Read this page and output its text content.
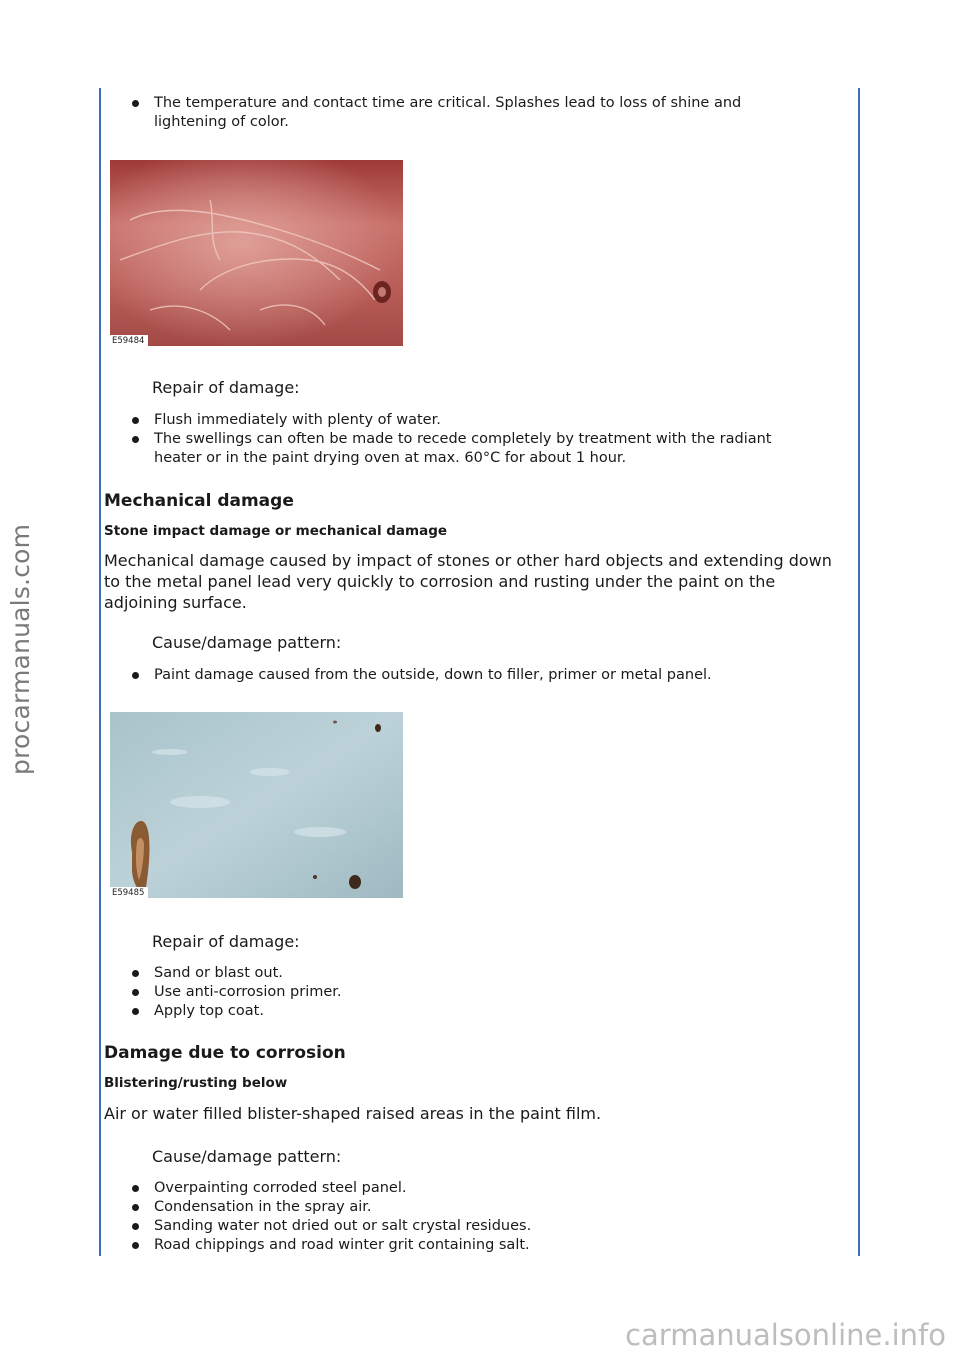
procarmanuals.com
carmanualsonline.info
The temperature and contact time are critical. Splashes lead to loss of shine and lightening of color.
E59484
Repair of damage:
Flush immediately with plenty of water.
The swellings can often be made to recede completely by treatment with the radiant heater or in the paint drying oven at max. 60°C for about 1 hour.
Mechanical damage
Stone impact damage or mechanical damage
Mechanical damage caused by impact of stones or other hard objects and extending down to the metal panel lead very quickly to corrosion and rusting under the paint on the adjoining surface.
Cause/damage pattern:
Paint damage caused from the outside, down to filler, primer or metal panel.
E59485
Repair of damage:
Sand or blast out.
Use anti-corrosion primer.
Apply top coat.
Damage due to corrosion
Blistering/rusting below
Air or water filled blister-shaped raised areas in the paint film.
Cause/damage pattern:
Overpainting corroded steel panel.
Condensation in the spray air.
Sanding water not dried out or salt crystal residues.
Road chippings and road winter grit containing salt.
